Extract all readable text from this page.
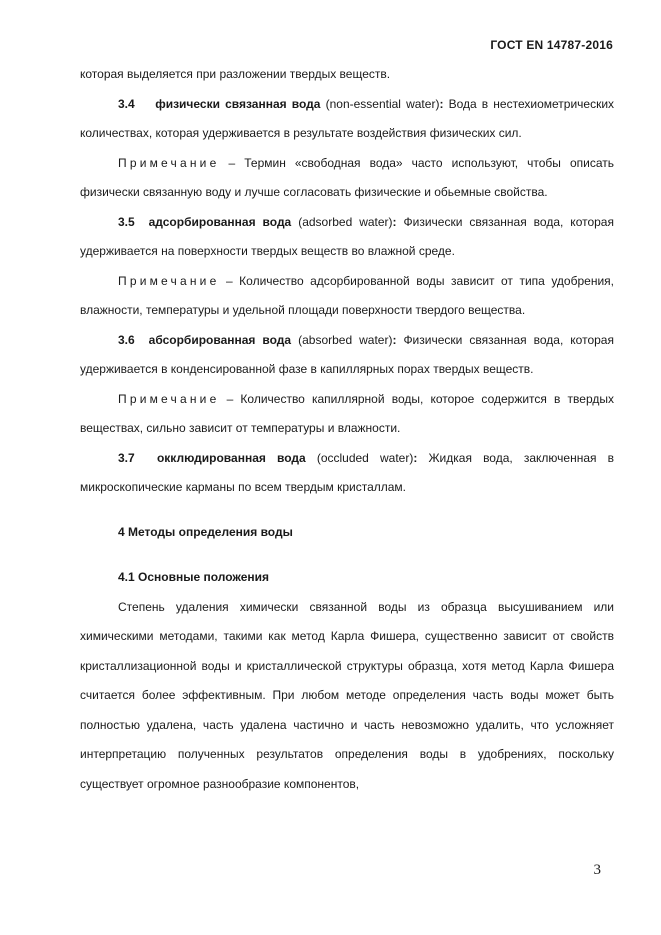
ГОСТ EN 14787-2016

которая выделяется при разложении твердых веществ.

3.4 физически связанная вода (non-essential water): Вода в нестехиометрических количествах, которая удерживается в результате воздействия физических сил.

Примечание – Термин «свободная вода» часто используют, чтобы описать физически связанную воду и лучше согласовать физические и обьемные свойства.

3.5 адсорбированная вода (adsorbed water): Физически связанная вода, которая удерживается на поверхности твердых веществ во влажной среде.

Примечание – Количество адсорбированной воды зависит от типа удобрения, влажности, температуры и удельной площади поверхности твердого вещества.

3.6 абсорбированная вода (absorbed water): Физически связанная вода, которая удерживается в конденсированной фазе в капиллярных порах твердых веществ.

Примечание – Количество капиллярной воды, которое содержится в твердых веществах, сильно зависит от температуры и влажности.

3.7 окклюдированная вода (occluded water): Жидкая вода, заключенная в микроскопические карманы по всем твердым кристаллам.

4 Методы определения воды

4.1 Основные положения

Степень удаления химически связанной воды из образца высушиванием или химическими методами, такими как метод Карла Фишера, существенно зависит от свойств кристаллизационной воды и кристаллической структуры образца, хотя метод Карла Фишера считается более эффективным. При любом методе определения часть воды может быть полностью удалена, часть удалена частично и часть невозможно удалить, что усложняет интерпретацию полученных результатов определения воды в удобрениях, поскольку существует огромное разнообразие компонентов,

3
